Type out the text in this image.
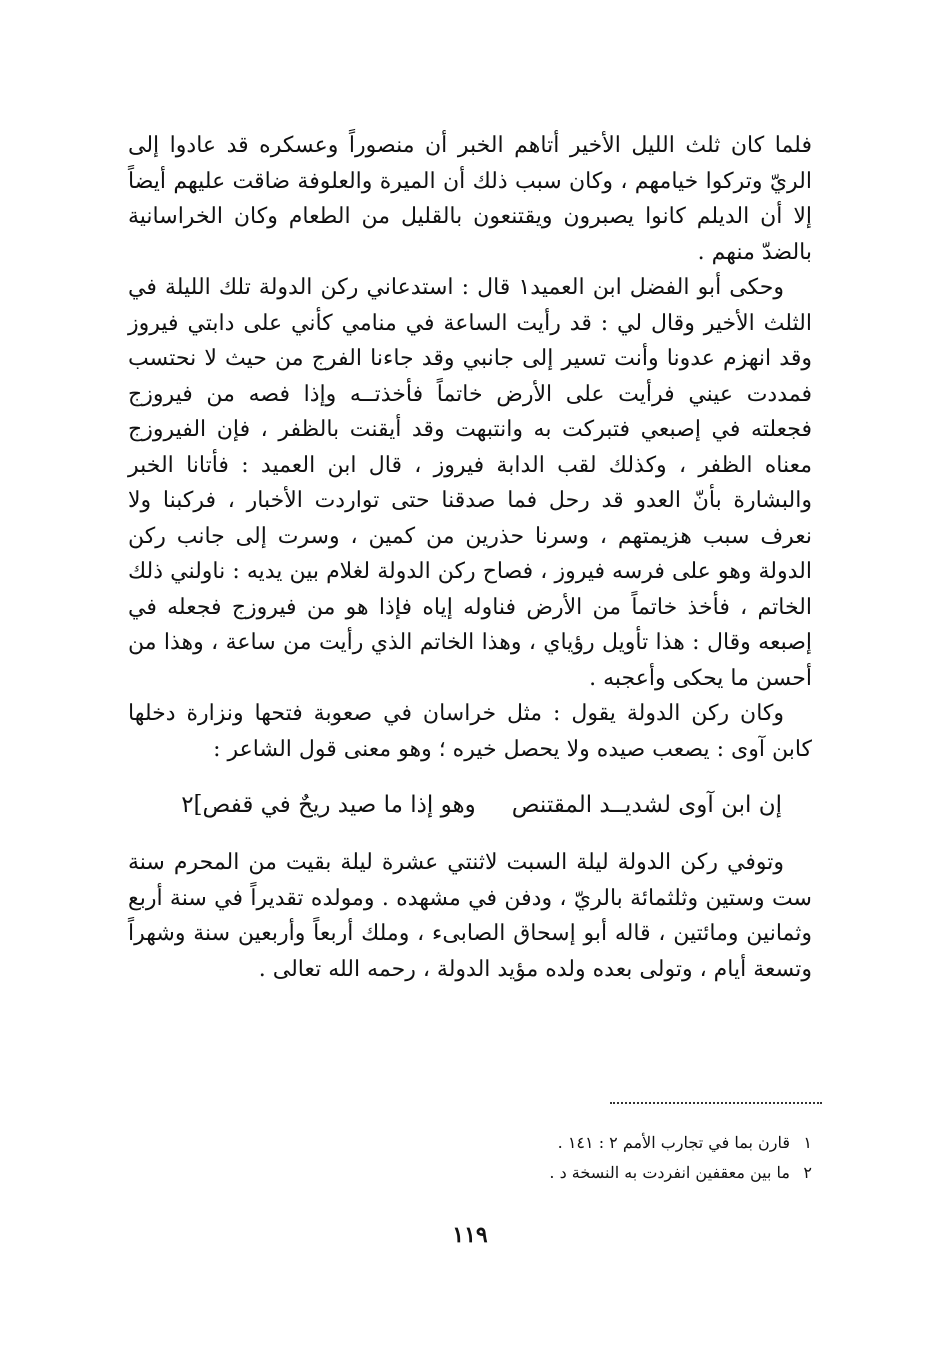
فلما كان ثلث الليل الأخير أتاهم الخبر أن منصوراً وعسكره قد عادوا إلى الريّ وتركوا خيامهم ، وكان سبب ذلك أن الميرة والعلوفة ضاقت عليهم أيضاً إلا أن الديلم كانوا يصبرون ويقتنعون بالقليل من الطعام وكان الخراسانية بالضدّ منهم .

وحكى أبو الفضل ابن العميد١ قال : استدعاني ركن الدولة تلك الليلة في الثلث الأخير وقال لي : قد رأيت الساعة في منامي كأني على دابتي فيروز وقد انهزم عدونا وأنت تسير إلى جانبي وقد جاءنا الفرج من حيث لا نحتسب فمددت عيني فرأيت على الأرض خاتماً فأخذتــه وإذا فصه من فيروزج فجعلته في إصبعي فتبركت به وانتبهت وقد أيقنت بالظفر ، فإن الفيروزج معناه الظفر ، وكذلك لقب الدابة فيروز ، قال ابن العميد : فأتانا الخبر والبشارة بأنّ العدو قد رحل فما صدقنا حتى تواردت الأخبار ، فركبنا ولا نعرف سبب هزيمتهم ، وسرنا حذرين من كمين ، وسرت إلى جانب ركن الدولة وهو على فرسه فيروز ، فصاح ركن الدولة لغلام بين يديه : ناولني ذلك الخاتم ، فأخذ خاتماً من الأرض فناوله إياه فإذا هو من فيروزج فجعله في إصبعه وقال : هذا تأويل رؤياي ، وهذا الخاتم الذي رأيت من ساعة ، وهذا من أحسن ما يحكى وأعجبه .

وكان ركن الدولة يقول : مثل خراسان في صعوبة فتحها ونزارة دخلها كابن آوى : يصعب صيده ولا يحصل خيره ؛ وهو معنى قول الشاعر :

إن ابن آوى لشديــد المقتنصوهو إذا ما صيد ريحٌ في قفص]٢

وتوفي ركن الدولة ليلة السبت لاثنتي عشرة ليلة بقيت من المحرم سنة ست وستين وثلثمائة بالريّ ، ودفن في مشهده . ومولده تقديراً في سنة أربع وثمانين ومائتين ، قاله أبو إسحاق الصابىء ، وملك أربعاً وأربعين سنة وشهراً وتسعة أيام ، وتولى بعده ولده مؤيد الدولة ، رحمه الله تعالى .

١قارن بما في تجارب الأمم ٢ : ١٤١ .
٢ما بين معقفين انفردت به النسخة د .
١١٩
